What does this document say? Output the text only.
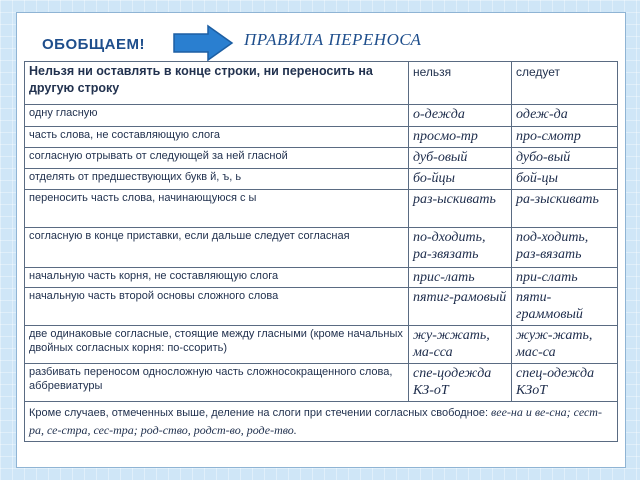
ОБОБЩАЕМ!	ПРАВИЛА ПЕРЕНОСА
Нельзя ни оставлять в конце строки, ни переносить на другую строку	нельзя	следует
одну гласную	о-дежда	одеж-да
часть слова, не составляющую слога	просмо-тр	про-смотр
согласную отрывать от следующей за ней гласной	дуб-овый	дубо-вый
отделять от предшествующих букв й, ъ, ь	бо-йцы	бой-цы
переносить часть слова, начинающуюся с ы	раз-ыскивать	ра-зыскивать
согласную в конце приставки, если дальше следует согласная	по-дходить, ра-звязать	под-ходить, раз-вязать
начальную часть корня, не составляющую слога	прис-лать	при-слать
начальную часть второй основы сложного слова	пятиг-рамовый	пяти-граммовый
две одинаковые согласные, стоящие между гласными (кроме начальных двойных согласных корня: по-ссорить)	жу-жжать, ма-сса	жуж-жать, мас-са
разбивать переносом односложную часть сложносокращенного слова, аббревиатуры	спе-цодежда КЗ-оТ	спец-одежда КЗоТ
Кроме случаев, отмеченных выше, деление на слоги при стечении согласных свободное: вее-на и ве-сна; сест-ра, се-стра, сес-тра; род-ство, родст-во, роде-тво.		
